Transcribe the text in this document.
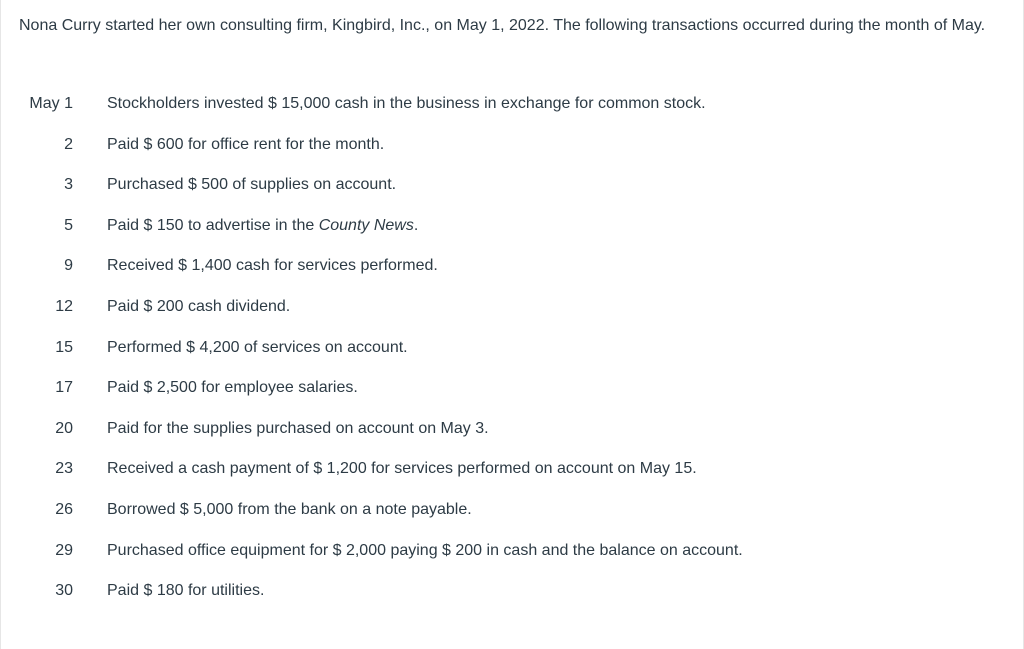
Nona Curry started her own consulting firm, Kingbird, Inc., on May 1, 2022. The following transactions occurred during the month of May.
May 1 Stockholders invested $ 15,000 cash in the business in exchange for common stock.
2 Paid $ 600 for office rent for the month.
3 Purchased $ 500 of supplies on account.
5 Paid $ 150 to advertise in the County News.
9 Received $ 1,400 cash for services performed.
12 Paid $ 200 cash dividend.
15 Performed $ 4,200 of services on account.
17 Paid $ 2,500 for employee salaries.
20 Paid for the supplies purchased on account on May 3.
23 Received a cash payment of $ 1,200 for services performed on account on May 15.
26 Borrowed $ 5,000 from the bank on a note payable.
29 Purchased office equipment for $ 2,000 paying $ 200 in cash and the balance on account.
30 Paid $ 180 for utilities.
